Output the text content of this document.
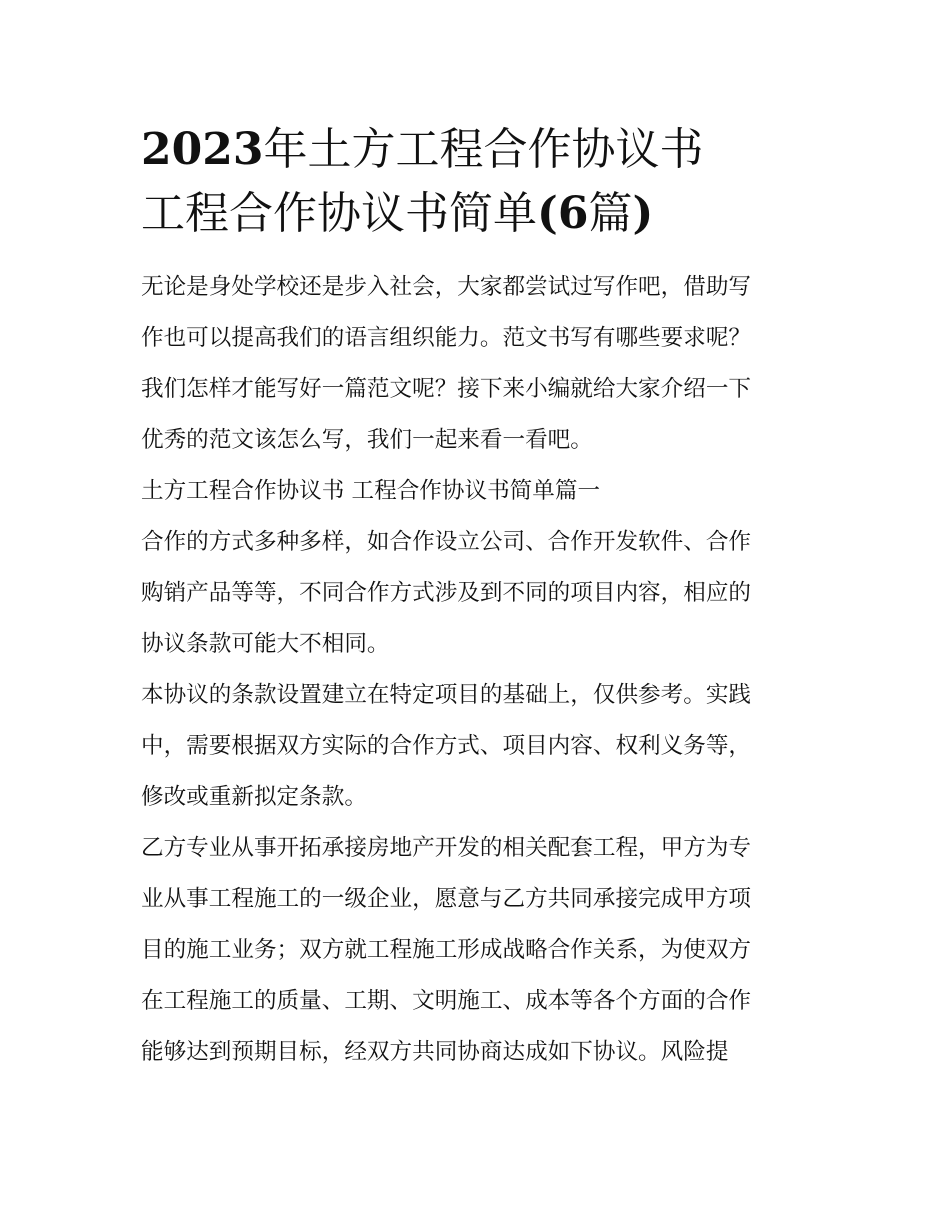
2023年土方工程合作协议书
工程合作协议书简单(6篇)

无论是身处学校还是步入社会，大家都尝试过写作吧，借助写
作也可以提高我们的语言组织能力。范文书写有哪些要求呢？
我们怎样才能写好一篇范文呢？接下来小编就给大家介绍一下
优秀的范文该怎么写，我们一起来看一看吧。

土方工程合作协议书 工程合作协议书简单篇一

合作的方式多种多样，如合作设立公司、合作开发软件、合作
购销产品等等，不同合作方式涉及到不同的项目内容，相应的
协议条款可能大不相同。

本协议的条款设置建立在特定项目的基础上，仅供参考。实践
中，需要根据双方实际的合作方式、项目内容、权利义务等，
修改或重新拟定条款。

乙方专业从事开拓承接房地产开发的相关配套工程，甲方为专
业从事工程施工的一级企业，愿意与乙方共同承接完成甲方项
目的施工业务；双方就工程施工形成战略合作关系，为使双方
在工程施工的质量、工期、文明施工、成本等各个方面的合作
能够达到预期目标，经双方共同协商达成如下协议。风险提
